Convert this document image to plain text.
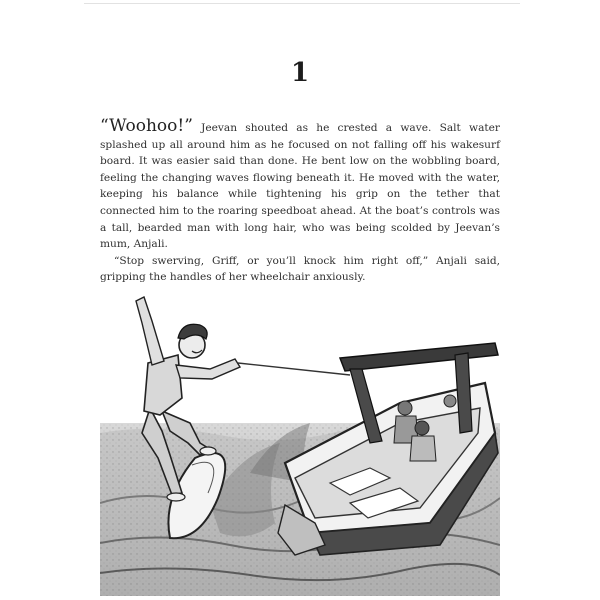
1

“Woohoo!” Jeevan shouted as he crested a wave. Salt water splashed up all around him as he focused on not falling off his wakesurf board. It was easier said than done. He bent low on the wobbling board, feeling the changing waves flowing beneath it. He moved with the water, keeping his balance while tightening his grip on the tether that connected him to the roaring speedboat ahead. At the boat’s controls was a tall, bearded man with long hair, who was being scolded by Jeevan’s mum, Anjali.

“Stop swerving, Griff, or you’ll knock him right off,” Anjali said, gripping the handles of her wheelchair anxiously.
